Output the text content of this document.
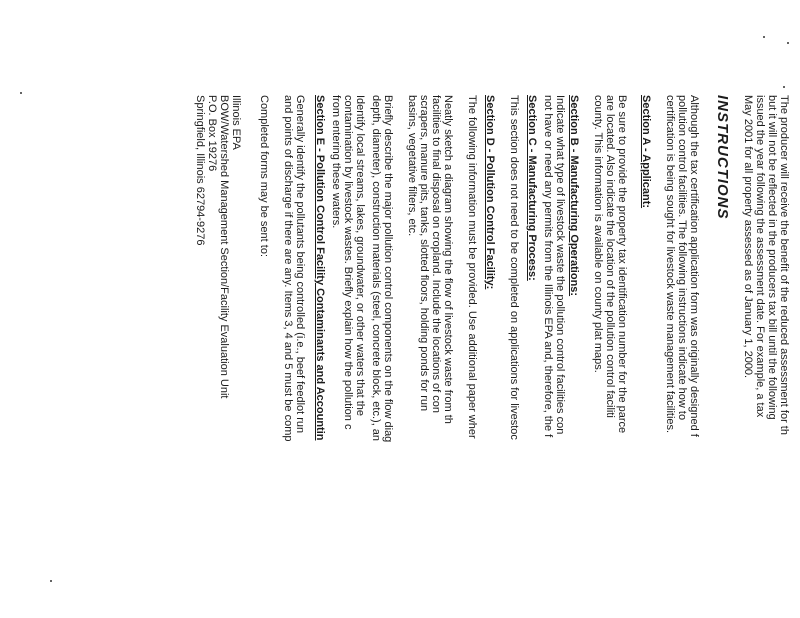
The producer will receive the benefit of the reduced assessment for th
but it will not be reflected in the producers tax bill until the following
issued the year following the assessment date. For example, a tax
May 2001 for all property assessed as of January 1, 2000.
INSTRUCTIONS
Although the tax certification application form was originally designed f
pollution control facilities. The following instructions indicate how to
certification is being sought for livestock waste management facilities.
Section A - Applicant:
Be sure to provide the property tax identification number for the parce
are located. Also indicate the location of the pollution control faciliti
county. This information is available on county plat maps.
Section B - Manufacturing Operations:
Indicate what type of livestock waste the pollution control facilities con
not have or need any permits from the Illinois EPA and, therefore, the f
Section C - Manufacturing Process:
This section does not need to be completed on applications for livestoc
Section D - Pollution Control Facility:
The following information must be provided. Use additional paper wher
Neatly sketch a diagram showing the flow of livestock waste from th
facilities to final disposal on cropland. Include the locations of con
scrapers, manure pits, tanks, slotted floors, holding ponds for run
basins, vegetative filters, etc.
Briefly describe the major pollution control components on the flow diag
depth, diameter), construction materials (steel, concrete block, etc.), an
Identify local streams, lakes, groundwater, or other waters that the
contamination by livestock wastes. Briefly explain how the pollution c
from entering these waters.
Section E - Pollution Control Facility Contaminants and Accountin
Generally identify the pollutants being controlled (i.e., beef feedlot run
and points of discharge if there are any. Items 3, 4 and 5 must be comp
Completed forms may be sent to:
Illinois EPA
BOW/Watershed Management Section/Facility Evaluation Unit
P.O. Box 19276
Springfield, Illinois 62794-9276
